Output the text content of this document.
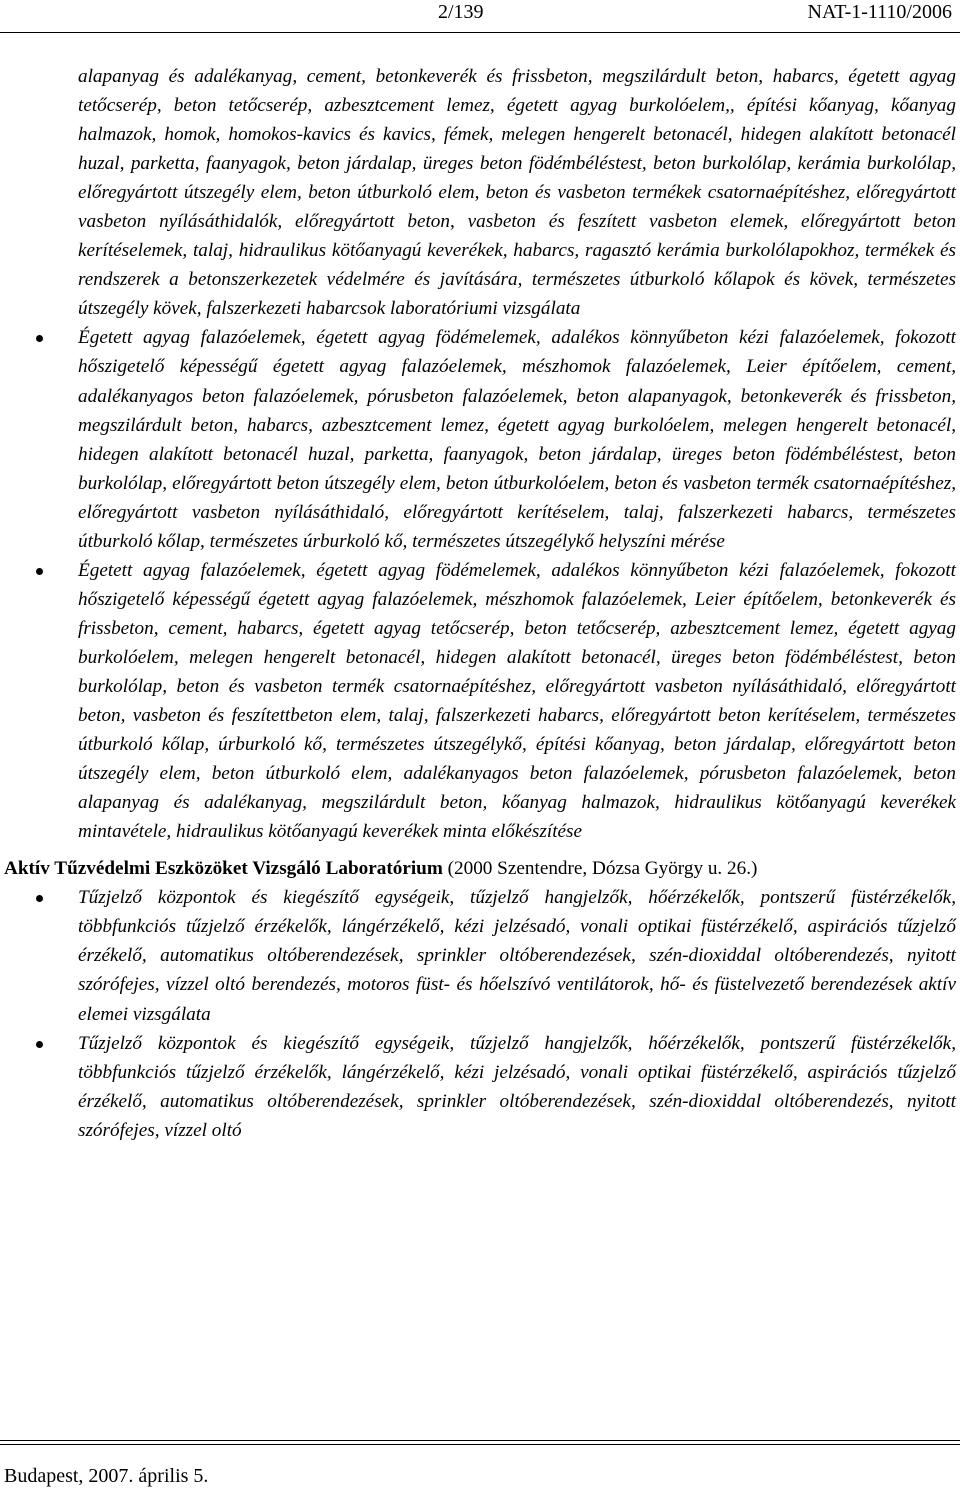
2/139	NAT-1-1110/2006

alapanyag és adalékanyag, cement, betonkeverék és frissbeton, megszilárdult beton, habarcs, égetett agyag tetőcserép, beton tetőcserép, azbesztcement lemez, égetett agyag burkolóelem,, építési kőanyag, kőanyag halmazok, homok, homokos-kavics és kavics, fémek, melegen hengerelt betonacél, hidegen alakított betonacél huzal, parketta, faanyagok, beton járdalap, üreges beton födémbéléstest, beton burkolólap, kerámia burkolólap, előregyártott útszegély elem, beton útburkoló elem, beton és vasbeton termékek csatornaépítéshez, előregyártott vasbeton nyílásáthidalók, előregyártott beton, vasbeton és feszített vasbeton elemek, előregyártott beton kerítéselemek, talaj, hidraulikus kötőanyagú keverékek, habarcs, ragasztó kerámia burkolólapokhoz, termékek és rendszerek a betonszerkezetek védelmére és javítására, természetes útburkoló kőlapok és kövek, természetes útszegély kövek, falszerkezeti habarcsok laboratóriumi vizsgálata

Égetett agyag falazóelemek, égetett agyag födémelemek, adalékos könnyűbeton kézi falazóelemek, fokozott hőszigetelő képességű égetett agyag falazóelemek, mészhomok falazóelemek, Leier építőelem, cement, adalékanyagos beton falazóelemek, pórusbeton falazóelemek, beton alapanyagok, betonkeverék és frissbeton, megszilárdult beton, habarcs, azbesztcement lemez, égetett agyag burkolóelem, melegen hengerelt betonacél, hidegen alakított betonacél huzal, parketta, faanyagok, beton járdalap, üreges beton födémbéléstest, beton burkolólap, előregyártott beton útszegély elem, beton útburkolóelem, beton és vasbeton termék csatornaépítéshez, előregyártott vasbeton nyílásáthidaló, előregyártott kerítéselem, talaj, falszerkezeti habarcs, természetes útburkoló kőlap, természetes úrburkoló kő, természetes útszegélykő helyszíni mérése

Égetett agyag falazóelemek, égetett agyag födémelemek, adalékos könnyűbeton kézi falazóelemek, fokozott hőszigetelő képességű égetett agyag falazóelemek, mészhomok falazóelemek, Leier építőelem, betonkeverék és frissbeton, cement, habarcs, égetett agyag tetőcserép, beton tetőcserép, azbesztcement lemez, égetett agyag burkolóelem, melegen hengerelt betonacél, hidegen alakított betonacél, üreges beton födémbéléstest, beton burkolólap, beton és vasbeton termék csatornaépítéshez, előregyártott vasbeton nyílásáthidaló, előregyártott beton, vasbeton és feszítettbeton elem, talaj, falszerkezeti habarcs, előregyártott beton kerítéselem, természetes útburkoló kőlap, úrburkoló kő, természetes útszegélykő, építési kőanyag, beton járdalap, előregyártott beton útszegély elem, beton útburkoló elem, adalékanyagos beton falazóelemek, pórusbeton falazóelemek, beton alapanyag és adalékanyag, megszilárdult beton, kőanyag halmazok, hidraulikus kötőanyagú keverékek mintavétele, hidraulikus kötőanyagú keverékek minta előkészítése

Aktív Tűzvédelmi Eszközöket Vizsgáló Laboratórium (2000 Szentendre, Dózsa György u. 26.)

Tűzjelző központok és kiegészítő egységeik, tűzjelző hangjelzők, hőérzékelők, pontszerű füstérzékelők, többfunkciós tűzjelző érzékelők, lángérzékelő, kézi jelzésadó, vonali optikai füstérzékelő, aspirációs tűzjelző érzékelő, automatikus oltóberendezések, sprinkler oltóberendezések, szén-dioxiddal oltóberendezés, nyitott szórófejes, vízzel oltó berendezés, motoros füst- és hőelszívó ventilátorok, hő- és füstelvezető berendezések aktív elemei vizsgálata

Tűzjelző központok és kiegészítő egységeik, tűzjelző hangjelzők, hőérzékelők, pontszerű füstérzékelők, többfunkciós tűzjelző érzékelők, lángérzékelő, kézi jelzésadó, vonali optikai füstérzékelő, aspirációs tűzjelző érzékelő, automatikus oltóberendezések, sprinkler oltóberendezések, szén-dioxiddal oltóberendezés, nyitott szórófejes, vízzel oltó

Budapest, 2007. április 5.
